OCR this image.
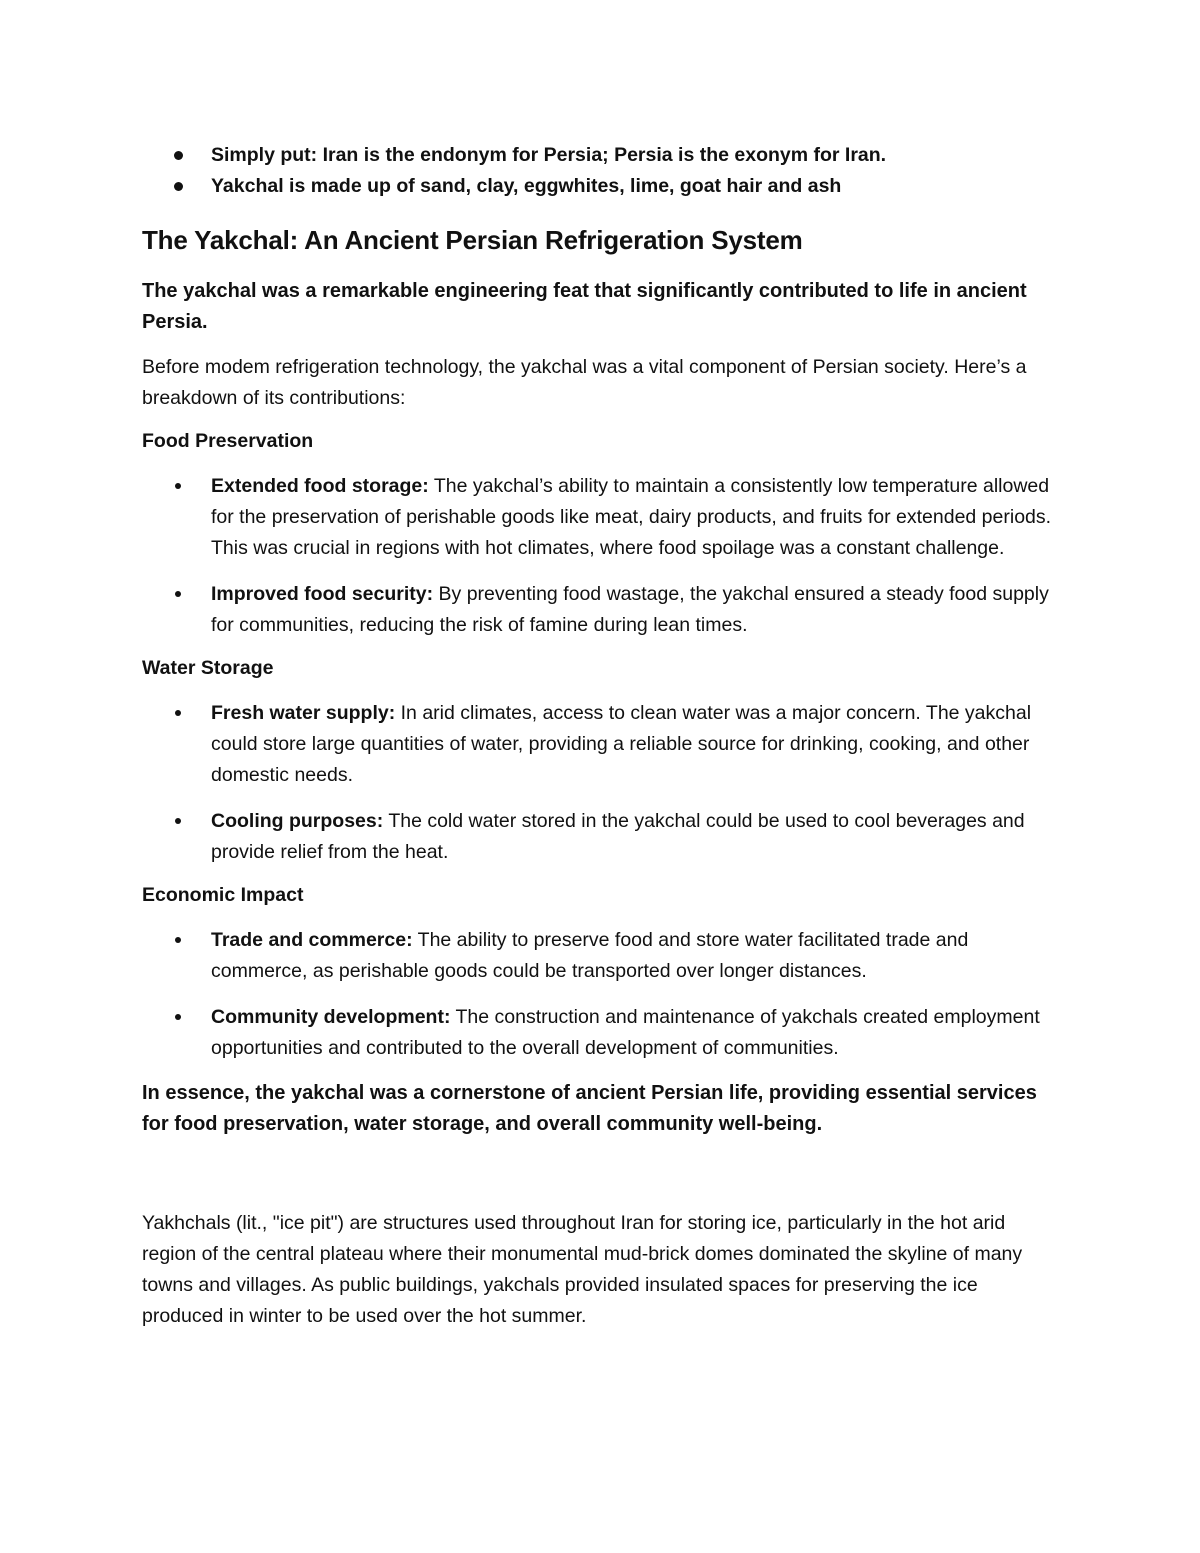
Simply put: Iran is the endonym for Persia; Persia is the exonym for Iran.
Yakchal is made up of sand, clay, eggwhites, lime, goat hair and ash
The Yakchal: An Ancient Persian Refrigeration System

The yakchal was a remarkable engineering feat that significantly contributed to life in ancient Persia.

Before modem refrigeration technology, the yakchal was a vital component of Persian society. Here’s a breakdown of its contributions:

Food Preservation

Extended food storage: The yakchal’s ability to maintain a consistently low temperature allowed for the preservation of perishable goods like meat, dairy products, and fruits for extended periods. This was crucial in regions with hot climates, where food spoilage was a constant challenge.
Improved food security: By preventing food wastage, the yakchal ensured a steady food supply for communities, reducing the risk of famine during lean times.

Water Storage

Fresh water supply: In arid climates, access to clean water was a major concern. The yakchal could store large quantities of water, providing a reliable source for drinking, cooking, and other domestic needs.
Cooling purposes: The cold water stored in the yakchal could be used to cool beverages and provide relief from the heat.

Economic Impact

Trade and commerce: The ability to preserve food and store water facilitated trade and commerce, as perishable goods could be transported over longer distances.
Community development: The construction and maintenance of yakchals created employment opportunities and contributed to the overall development of communities.

In essence, the yakchal was a cornerstone of ancient Persian life, providing essential services for food preservation, water storage, and overall community well-being.

Yakhchals (lit., "ice pit") are structures used throughout Iran for storing ice, particularly in the hot arid region of the central plateau where their monumental mud-brick domes dominated the skyline of many towns and villages. As public buildings, yakchals provided insulated spaces for preserving the ice produced in winter to be used over the hot summer.
